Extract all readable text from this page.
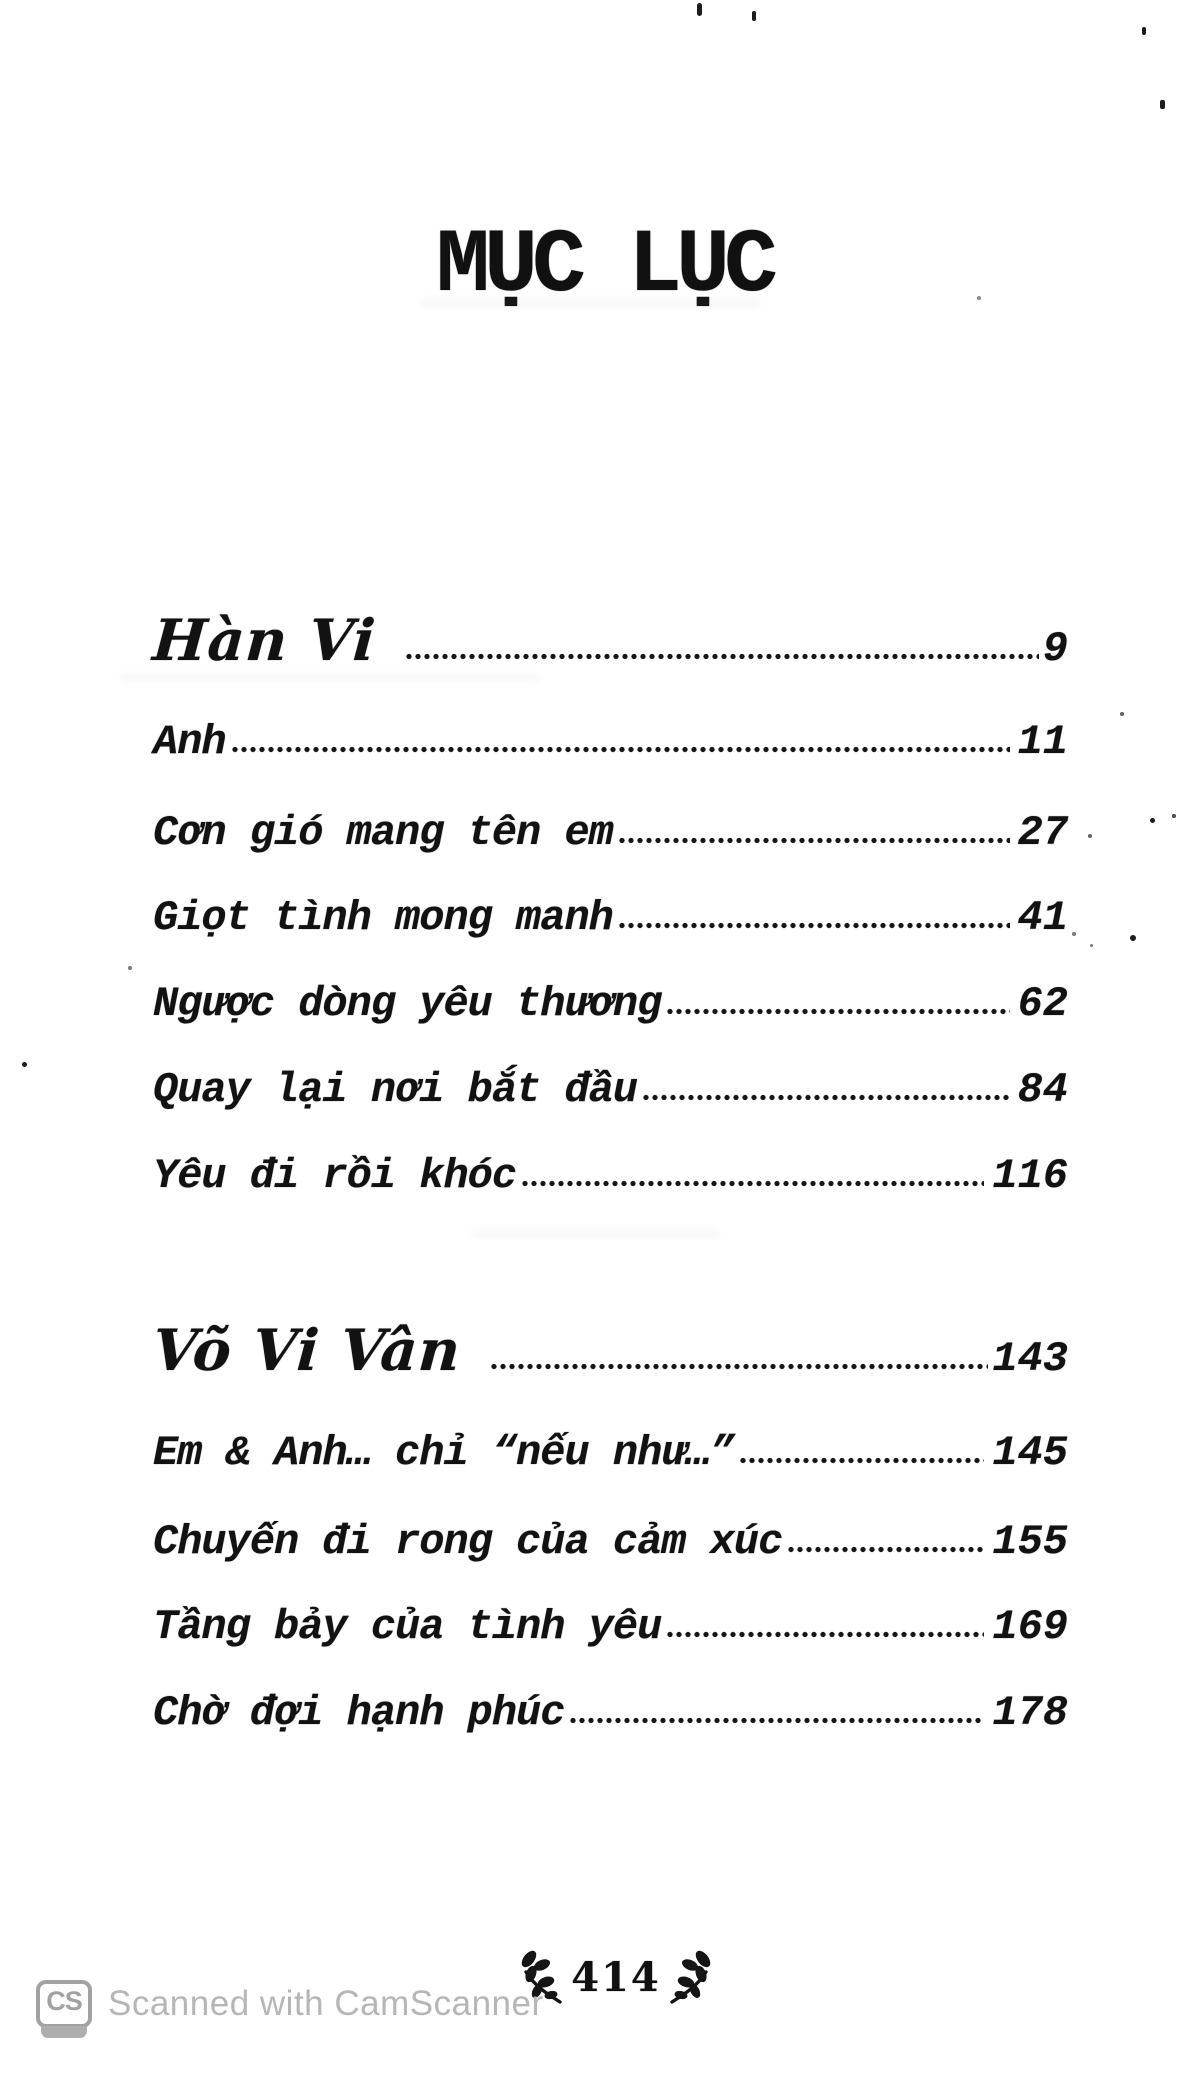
MỤC LỤC
Hàn Vi	9
Anh	11
Cơn gió mang tên em	27
Giọt tình mong manh	41
Ngược dòng yêu thương	62
Quay lại nơi bắt đầu	84
Yêu đi rồi khóc	116
Võ Vi Vân	143
Em & Anh… chỉ “nếu như…”	145
Chuyến đi rong của cảm xúc	155
Tầng bảy của tình yêu	169
Chờ đợi hạnh phúc	178
414
CS Scanned with CamScanner
